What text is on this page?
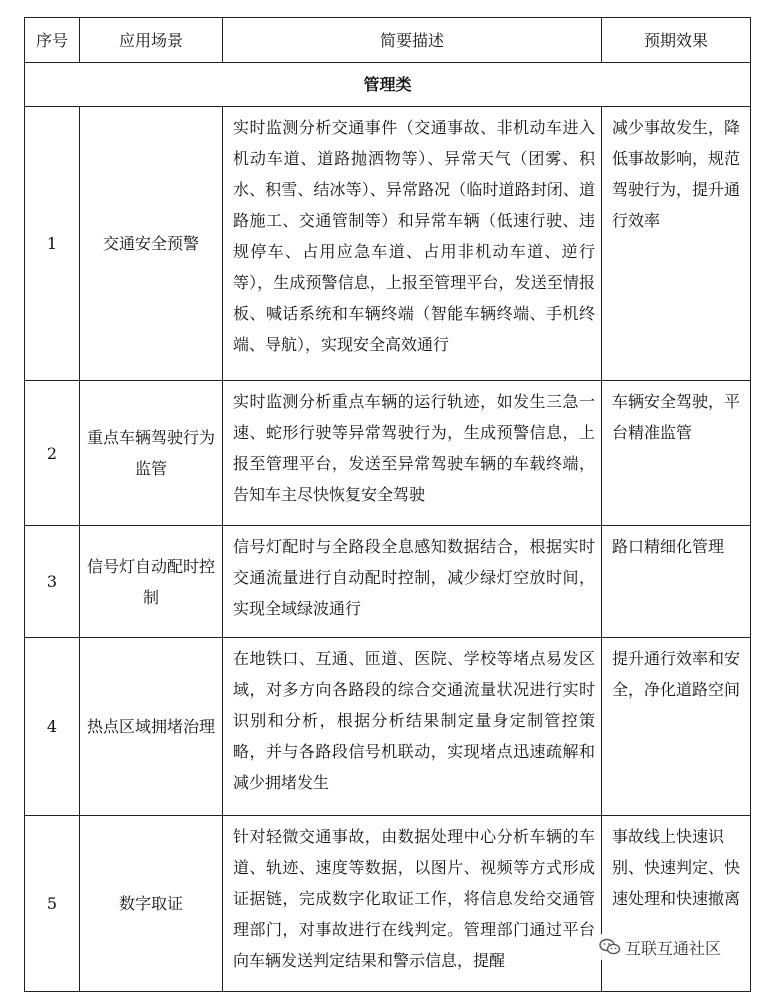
序号	应用场景	简要描述	预期效果
管理类			
1	交通安全预警	实时监测分析交通事件（交通事故、非机动车进入机动车道、道路抛洒物等）、异常天气（团雾、积水、积雪、结冰等）、异常路况（临时道路封闭、道路施工、交通管制等）和异常车辆（低速行驶、违规停车、占用应急车道、占用非机动车道、逆行等），生成预警信息，上报至管理平台，发送至情报板、喊话系统和车辆终端（智能车辆终端、手机终端、导航），实现安全高效通行	减少事故发生，降低事故影响，规范驾驶行为，提升通行效率
2	重点车辆驾驶行为监管	实时监测分析重点车辆的运行轨迹，如发生三急一速、蛇形行驶等异常驾驶行为，生成预警信息，上报至管理平台，发送至异常驾驶车辆的车载终端，告知车主尽快恢复安全驾驶	车辆安全驾驶，平台精准监管
3	信号灯自动配时控制	信号灯配时与全路段全息感知数据结合，根据实时交通流量进行自动配时控制，减少绿灯空放时间，实现全域绿波通行	路口精细化管理
4	热点区域拥堵治理	在地铁口、互通、匝道、医院、学校等堵点易发区域，对多方向各路段的综合交通流量状况进行实时识别和分析，根据分析结果制定量身定制管控策略，并与各路段信号机联动，实现堵点迅速疏解和减少拥堵发生	提升通行效率和安全，净化道路空间
5	数字取证	针对轻微交通事故，由数据处理中心分析车辆的车道、轨迹、速度等数据，以图片、视频等方式形成证据链，完成数字化取证工作，将信息发给交通管理部门，对事故进行在线判定。管理部门通过平台向车辆发送判定结果和警示信息，提醒	事故线上快速识别、快速判定、快速处理和快速撤离
互联互通社区
